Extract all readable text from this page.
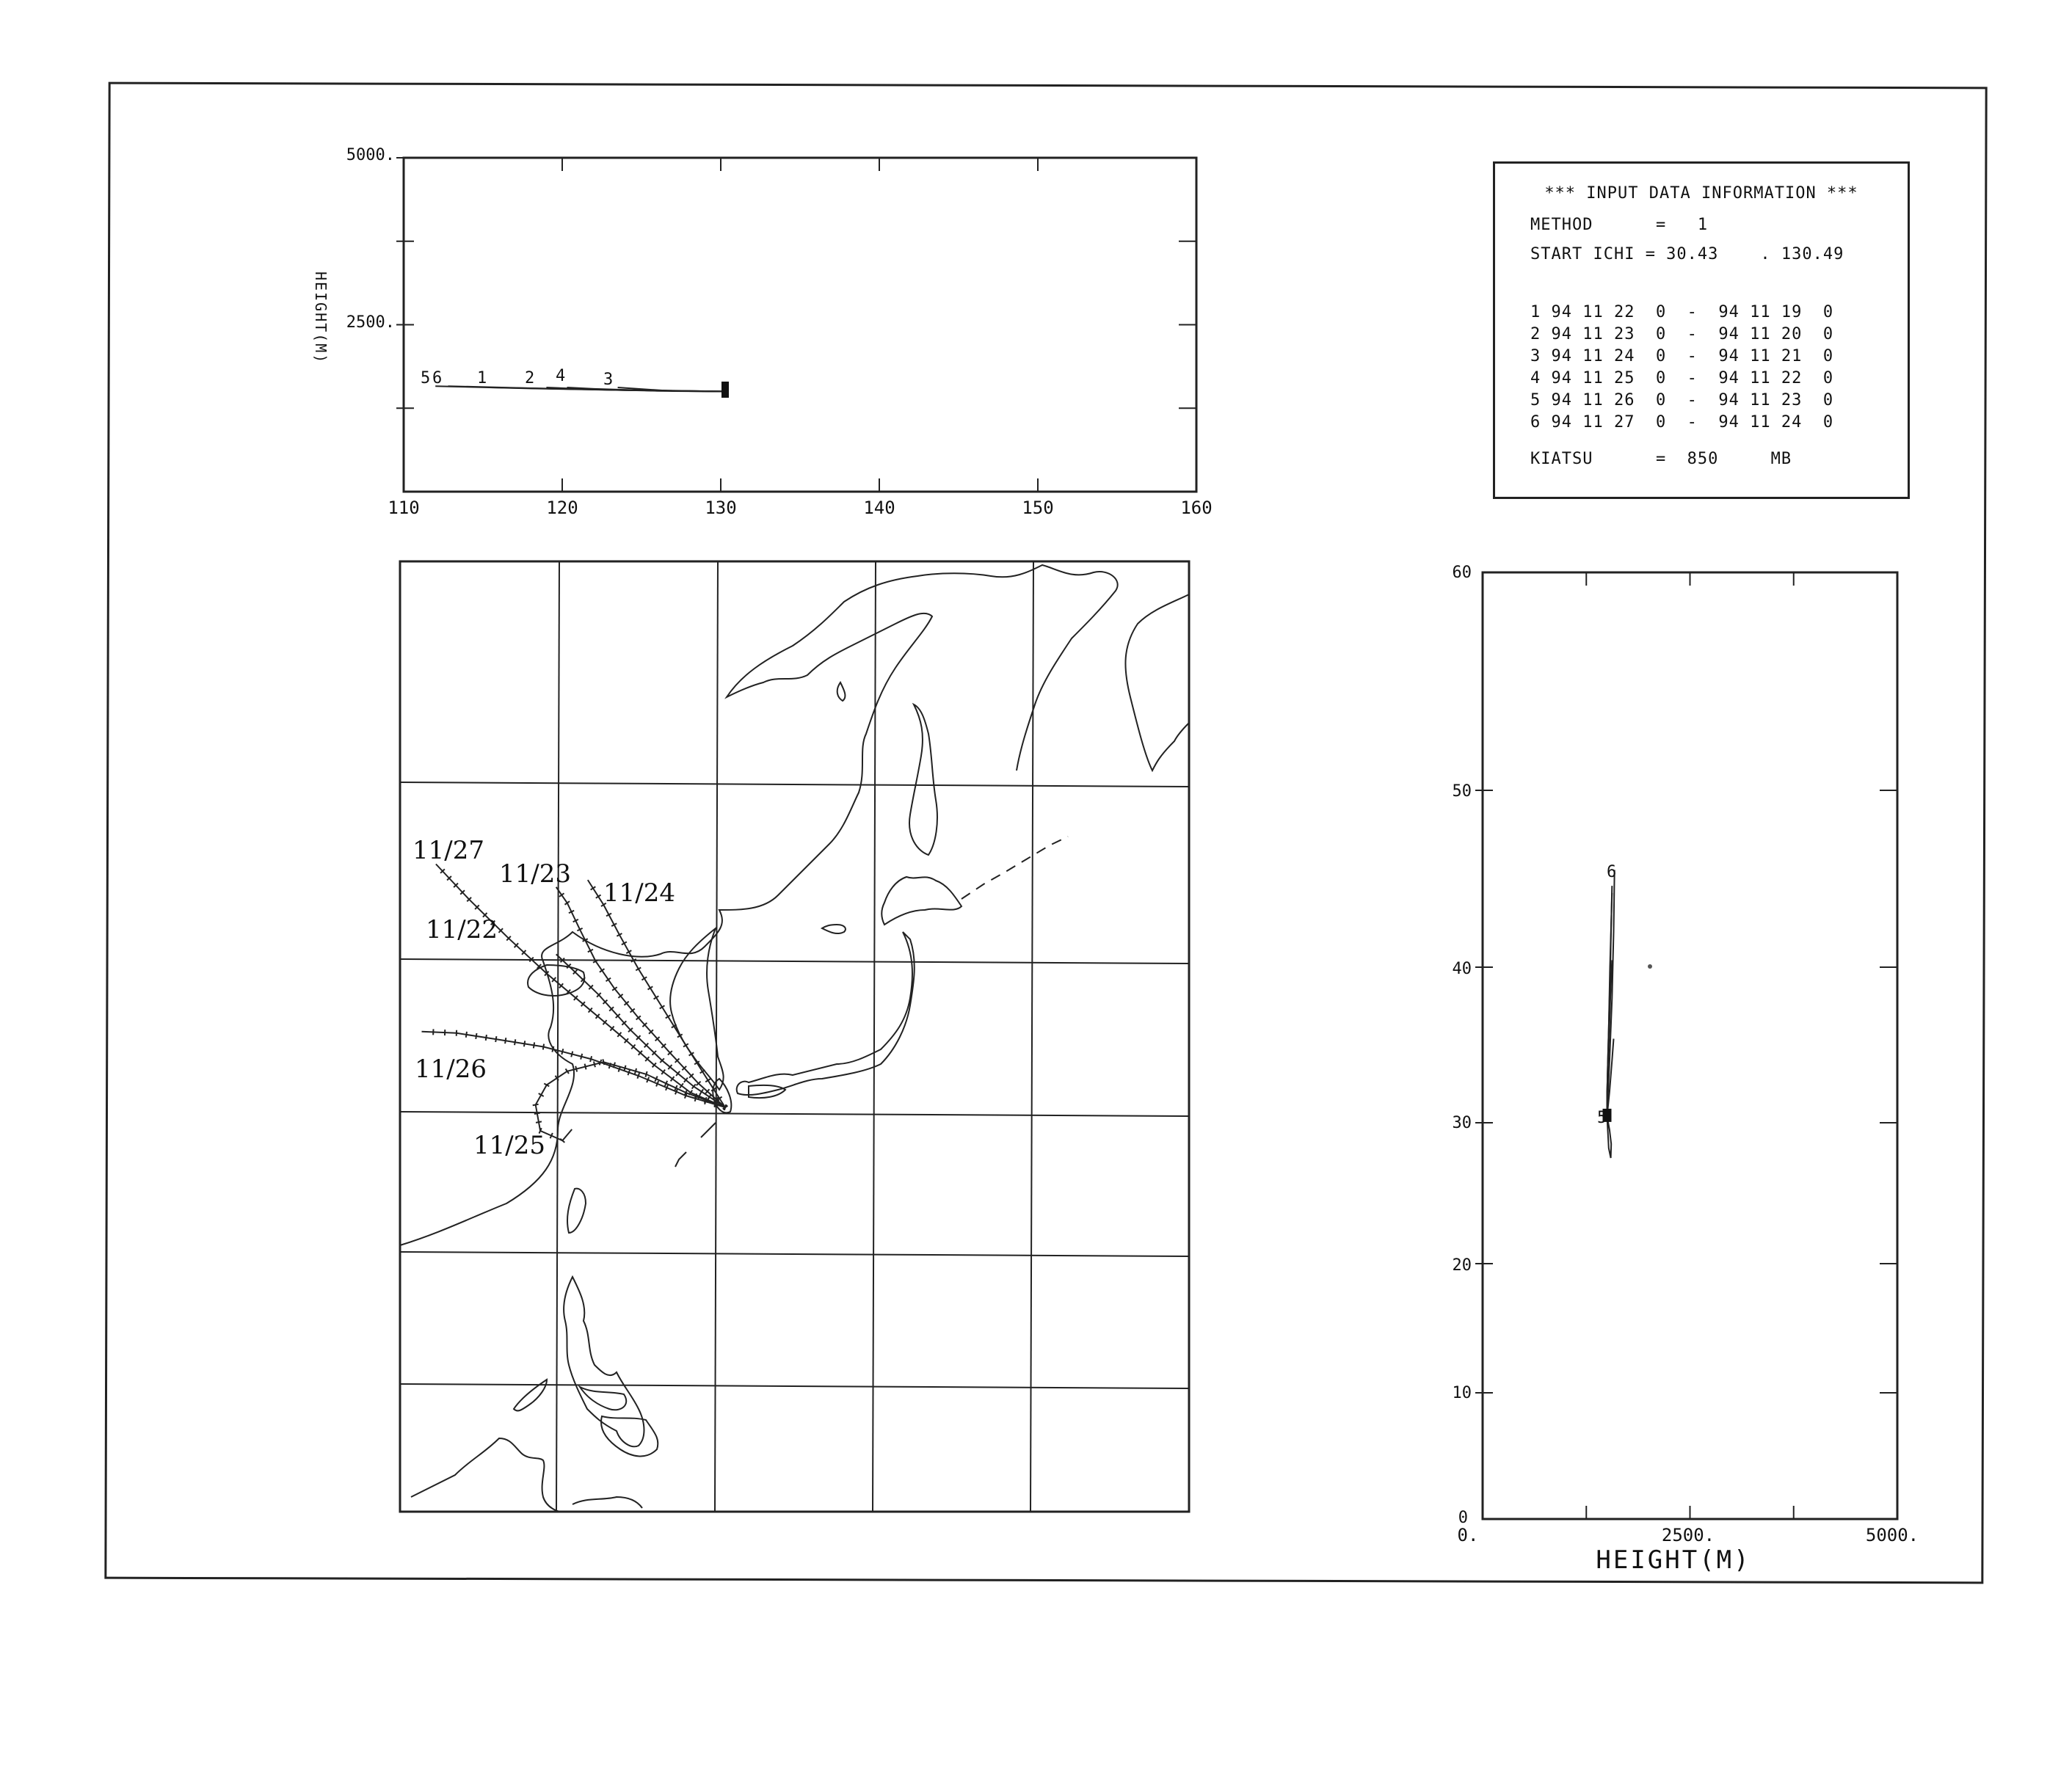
*** INPUT DATA INFORMATION ***
METHOD      =   1
START ICHI = 30.43    . 130.49
1 94 11 22  0  -  94 11 19  0
2 94 11 23  0  -  94 11 20  0
3 94 11 24  0  -  94 11 21  0
4 94 11 25  0  -  94 11 22  0
5 94 11 26  0  -  94 11 23  0
6 94 11 27  0  -  94 11 24  0
KIATSU      =  850     MB
5000.
2500.
HEIGHT(M)
110	120	130	140	150	160
5 6 1 2 4 3
11/27
11/23
11/24
11/22
11/26
11/25
60
50
40
30
20
10
0
0.	2500.	5000.
HEIGHT(M)
6
5
